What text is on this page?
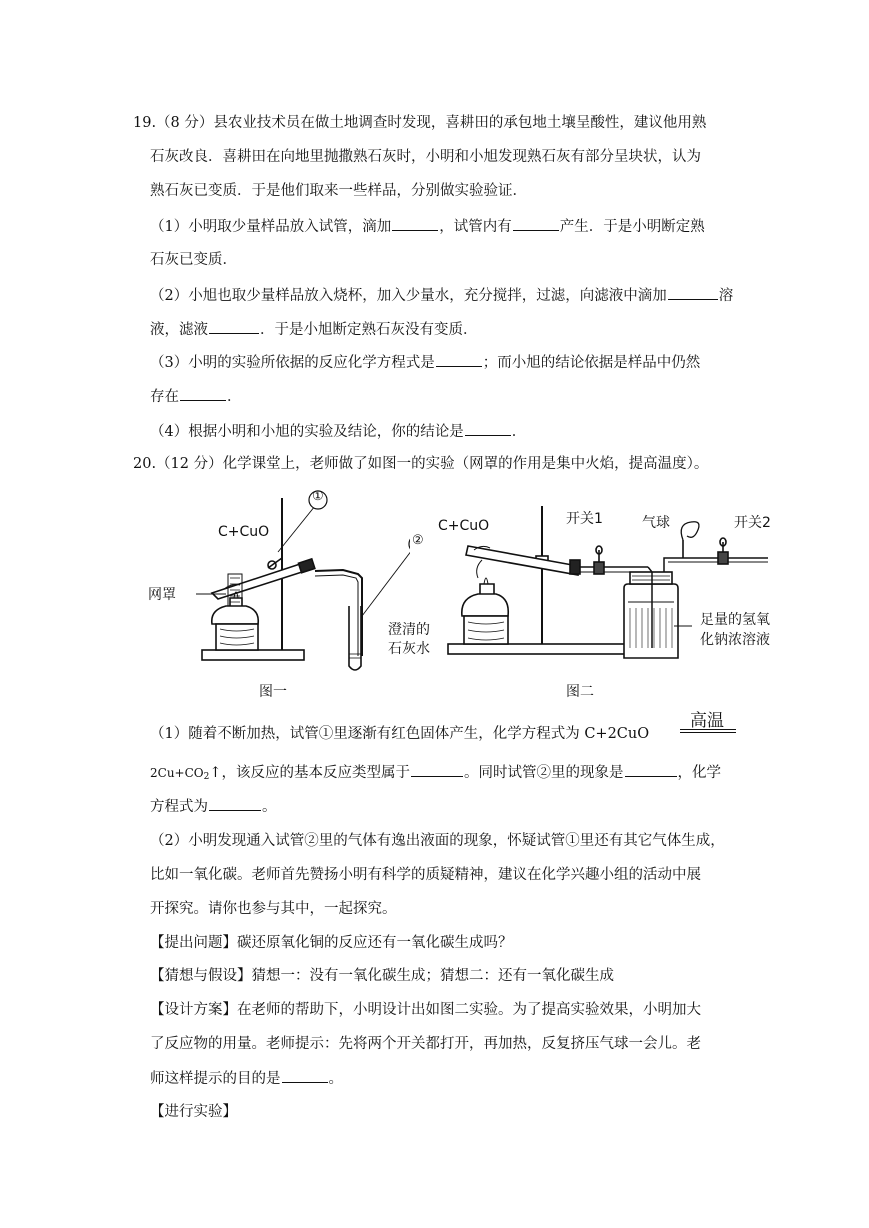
19.（8 分）县农业技术员在做土地调查时发现，喜耕田的承包地土壤呈酸性，建议他用熟
石灰改良．喜耕田在向地里抛撒熟石灰时，小明和小旭发现熟石灰有部分呈块状，认为
熟石灰已变质．于是他们取来一些样品，分别做实验验证．
（1）小明取少量样品放入试管，滴加	，试管内有	产生．于是小明断定熟
石灰已变质．
（2）小旭也取少量样品放入烧杯，加入少量水，充分搅拌，过滤，向滤液中滴加	溶
液，滤液	．于是小旭断定熟石灰没有变质．
（3）小明的实验所依据的反应化学方程式是	；而小旭的结论依据是样品中仍然
存在	．
（4）根据小明和小旭的实验及结论，你的结论是	．
20.（12 分）化学课堂上，老师做了如图一的实验（网罩的作用是集中火焰，提高温度）。
C+CuO
网罩
①
②
澄清的
石灰水
图一
C+CuO	开关1	气球	开关2
足量的氢氧
化钠浓溶液
图二
（1）随着不断加热，试管①里逐渐有红色固体产生，化学方程式为 C+2CuO
高温
$2Cu+CO_2↑$，该反应的基本反应类型属于	。同时试管②里的现象是	，化学
方程式为	。
（2）小明发现通入试管②里的气体有逸出液面的现象，怀疑试管①里还有其它气体生成，
比如一氧化碳。老师首先赞扬小明有科学的质疑精神，建议在化学兴趣小组的活动中展
开探究。请你也参与其中，一起探究。
【提出问题】碳还原氧化铜的反应还有一氧化碳生成吗？
【猜想与假设】猜想一：没有一氧化碳生成；猜想二：还有一氧化碳生成
【设计方案】在老师的帮助下，小明设计出如图二实验。为了提高实验效果，小明加大
了反应物的用量。老师提示：先将两个开关都打开，再加热，反复挤压气球一会儿。老
师这样提示的目的是	。
【进行实验】
